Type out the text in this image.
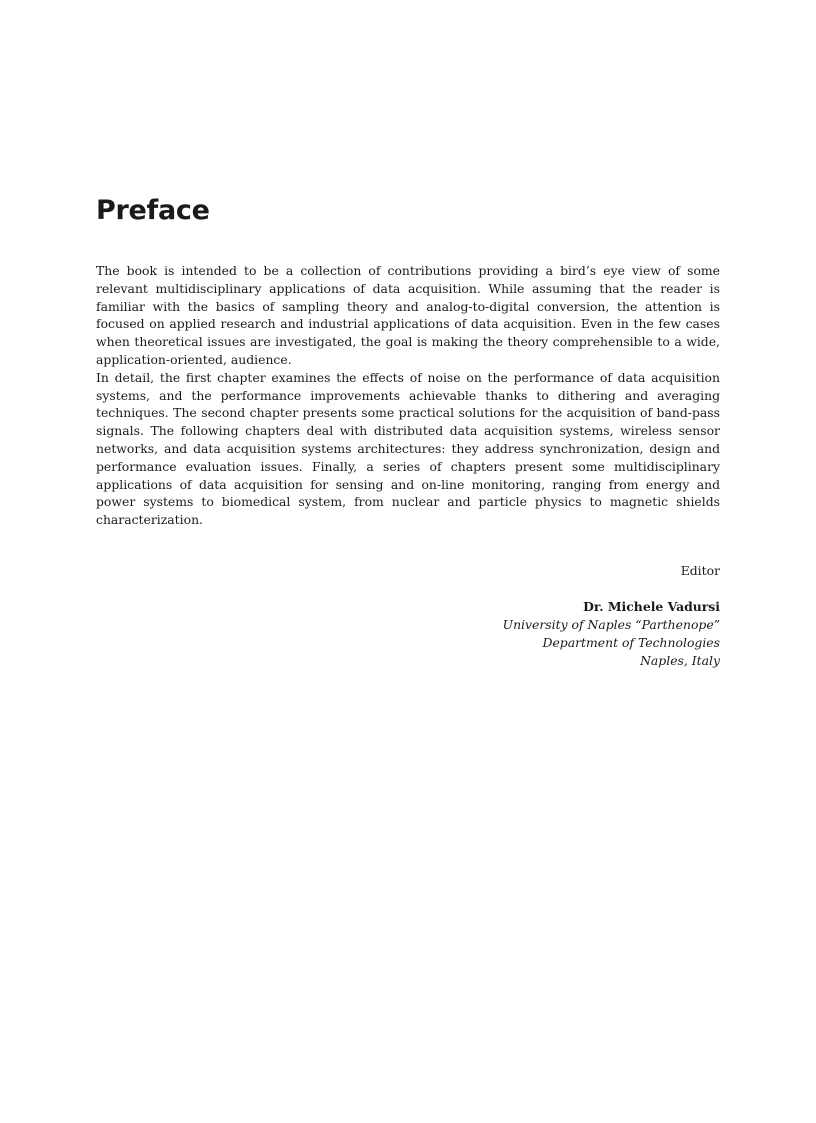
Preface

The book is intended to be a collection of contributions providing a bird’s eye view of some relevant multidisciplinary applications of data acquisition. While assuming that the reader is familiar with the basics of sampling theory and analog-to-digital conversion, the attention is focused on applied research and industrial applications of data acquisition. Even in the few cases when theoretical issues are investigated, the goal is making the theory comprehensible to a wide, application-oriented, audience.

In detail, the first chapter examines the effects of noise on the performance of data acquisition systems, and the performance improvements achievable thanks to dithering and averaging techniques. The second chapter presents some practical solutions for the acquisition of band-pass signals. The following chapters deal with distributed data acquisition systems, wireless sensor networks, and data acquisition systems architectures: they address synchronization, design and performance evaluation issues. Finally, a series of chapters present some multidisciplinary applications of data acquisition for sensing and on-line monitoring, ranging from energy and power systems to biomedical system, from nuclear and particle physics to magnetic shields characterization.

Editor
Dr. Michele Vadursi
University of Naples “Parthenope”
Department of Technologies
Naples, Italy
